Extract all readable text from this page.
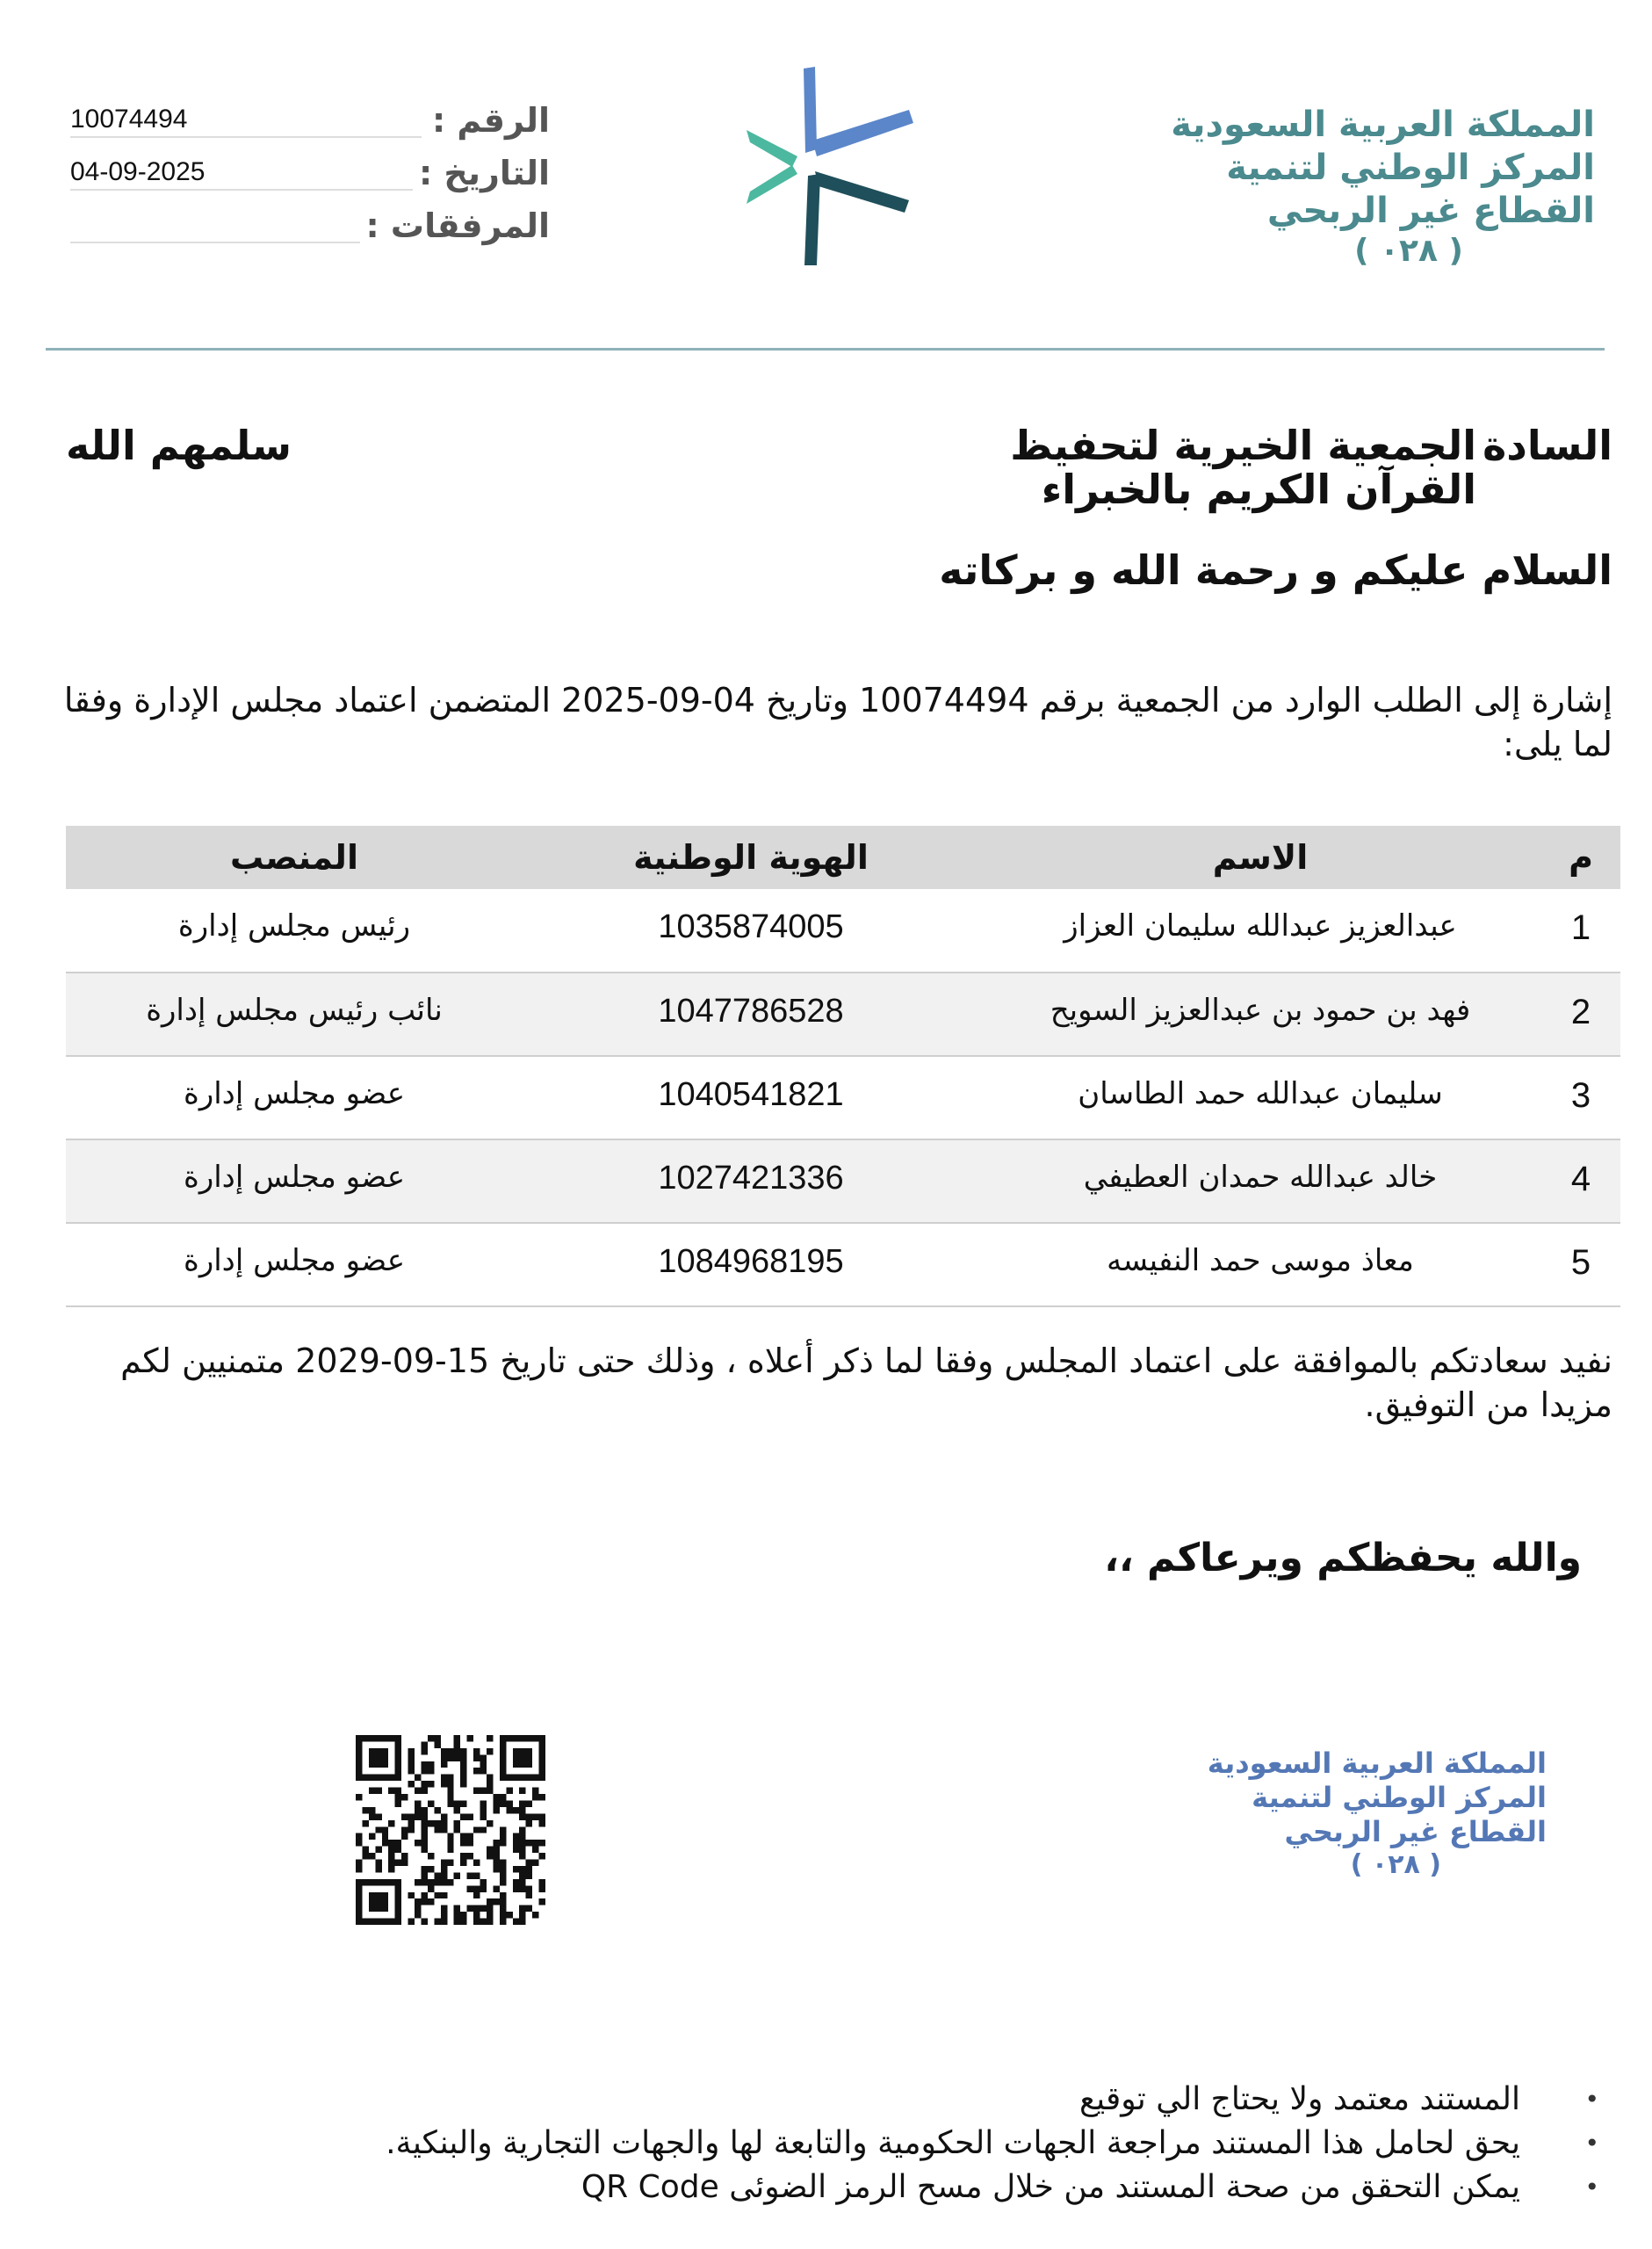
المملكة العربية السعودية
المركز الوطني لتنمية
القطاع غير الربحي
( ٠٢٨ )
الرقم :
10074494
التاريخ :
04-09-2025
المرفقات :
السادة
الجمعية الخيرية لتحفيظ
القرآن الكريم بالخبراء
سلمهم الله
السلام عليكم و رحمة الله و بركاته
إشارة إلى الطلب الوارد من الجمعية برقم 10074494 وتاريخ 04-09-2025 المتضمن اعتماد مجلس الإدارة وفقا لما يلى:
م	الاسم	الهوية الوطنية	المنصب
1	عبدالعزيز عبدالله سليمان العزاز	1035874005	رئيس مجلس إدارة
2	فهد بن حمود بن عبدالعزيز السويح	1047786528	نائب رئيس مجلس إدارة
3	سليمان عبدالله حمد الطاسان	1040541821	عضو مجلس إدارة
4	خالد عبدالله حمدان العطيفي	1027421336	عضو مجلس إدارة
5	معاذ موسى حمد النفيسه	1084968195	عضو مجلس إدارة
نفيد سعادتكم بالموافقة على اعتماد المجلس وفقا لما ذكر أعلاه ، وذلك حتى تاريخ 15-09-2029 متمنيين لكم مزيدا من التوفيق.
والله يحفظكم ويرعاكم ،،
المملكة العربية السعودية
المركز الوطني لتنمية
القطاع غير الربحي
( ٠٢٨ )
• المستند معتمد ولا يحتاج الي توقيع
• يحق لحامل هذا المستند مراجعة الجهات الحكومية والتابعة لها والجهات التجارية والبنكية.
• يمكن التحقق من صحة المستند من خلال مسح الرمز الضوئى QR Code
